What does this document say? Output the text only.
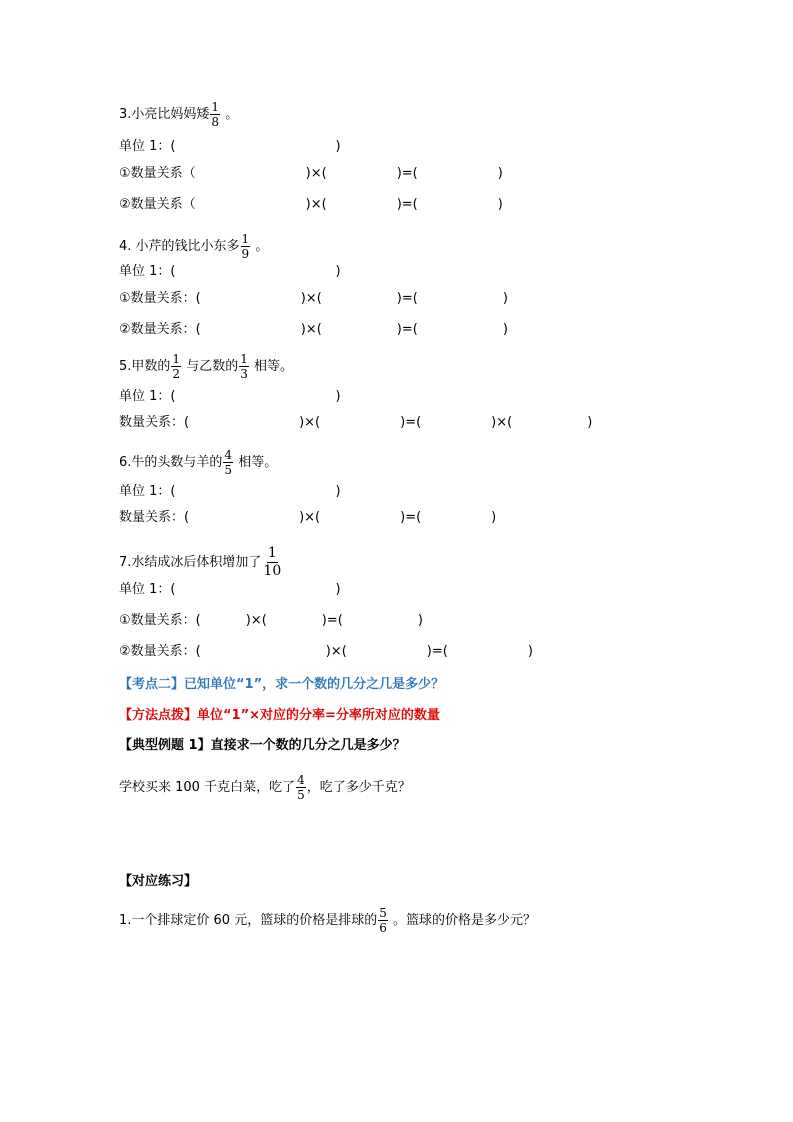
3.小亮比妈妈矮 $\frac{1}{8}$ 。
单位 1：(	)
①数量关系（	)×(	)=(	)
②数量关系（	)×(	)=(	)
4. 小芹的钱比小东多 $\frac{1}{9}$ 。
单位 1：(	)
①数量关系：(	)×(	)=(	)
②数量关系：(	)×(	)=(	)
5.甲数的 $\frac{1}{2}$ 与乙数的 $\frac{1}{3}$ 相等。
单位 1：(	)
数量关系：(	)×(	)=(	)×(	)
6.牛的头数与羊的 $\frac{4}{5}$ 相等。
单位 1：(	)
数量关系：(	)×(	)=(	)
7.水结成冰后体积增加了 $\frac{1}{10}$
单位 1：(	)
①数量关系：(	)×(	)=(	)
②数量关系：(	)×(	)=(	)
【考点二】已知单位“1”，求一个数的几分之几是多少？
【方法点拨】单位“1”×对应的分率=分率所对应的数量
【典型例题 1】直接求一个数的几分之几是多少？
学校买来 100 千克白菜，吃了 $\frac{4}{5}$ ，吃了多少千克？
【对应练习】
1.一个排球定价 60 元，篮球的价格是排球的 $\frac{5}{6}$ 。篮球的价格是多少元？
